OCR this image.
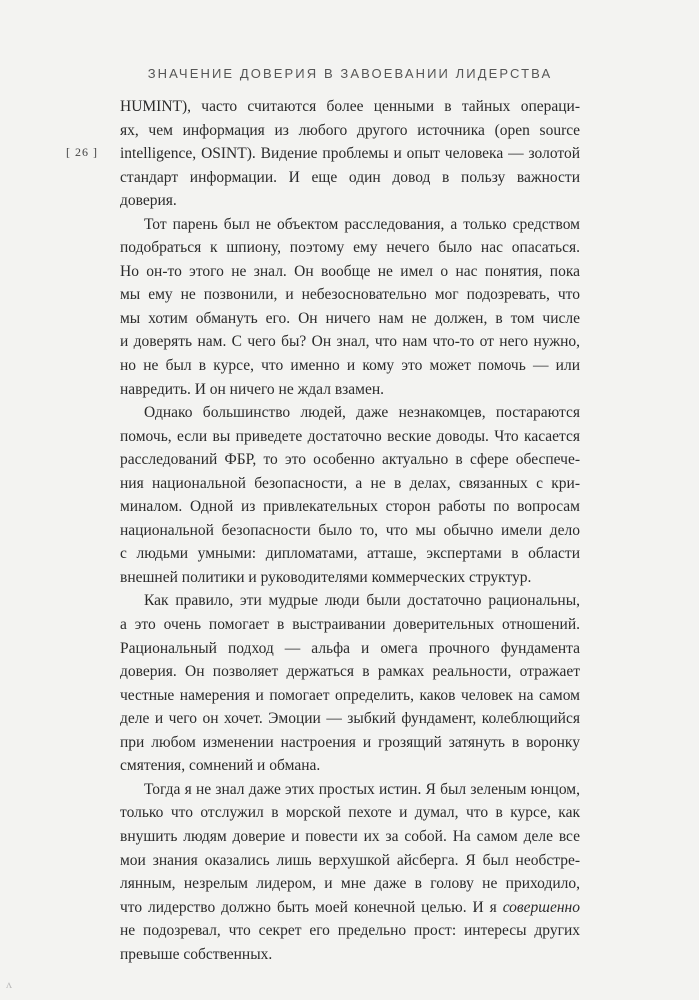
ЗНАЧЕНИЕ ДОВЕРИЯ В ЗАВОЕВАНИИ ЛИДЕРСТВА
[ 26 ]

HUMINT), часто считаются более ценными в тайных операци-
ях, чем информация из любого другого источника (open source
intelligence, OSINT). Видение проблемы и опыт человека — золотой
стандарт информации. И еще один довод в пользу важности
доверия.

Тот парень был не объектом расследования, а только средством
подобраться к шпиону, поэтому ему нечего было нас опасаться.
Но он-то этого не знал. Он вообще не имел о нас понятия, пока
мы ему не позвонили, и небезосновательно мог подозревать, что
мы хотим обмануть его. Он ничего нам не должен, в том числе
и доверять нам. С чего бы? Он знал, что нам что-то от него нужно,
но не был в курсе, что именно и кому это может помочь — или
навредить. И он ничего не ждал взамен.

Однако большинство людей, даже незнакомцев, постараются
помочь, если вы приведете достаточно веские доводы. Что касается
расследований ФБР, то это особенно актуально в сфере обеспече-
ния национальной безопасности, а не в делах, связанных с кри-
миналом. Одной из привлекательных сторон работы по вопросам
национальной безопасности было то, что мы обычно имели дело
с людьми умными: дипломатами, атташе, экспертами в области
внешней политики и руководителями коммерческих структур.

Как правило, эти мудрые люди были достаточно рациональны,
а это очень помогает в выстраивании доверительных отношений.
Рациональный подход — альфа и омега прочного фундамента
доверия. Он позволяет держаться в рамках реальности, отражает
честные намерения и помогает определить, каков человек на самом
деле и чего он хочет. Эмоции — зыбкий фундамент, колеблющийся
при любом изменении настроения и грозящий затянуть в воронку
смятения, сомнений и обмана.

Тогда я не знал даже этих простых истин. Я был зеленым юнцом,
только что отслужил в морской пехоте и думал, что в курсе, как
внушить людям доверие и повести их за собой. На самом деле все
мои знания оказались лишь верхушкой айсберга. Я был необстре-
лянным, незрелым лидером, и мне даже в голову не приходило,
что лидерство должно быть моей конечной целью. И я совершенно
не подозревал, что секрет его предельно прост: интересы других
превыше собственных.

ʌ
